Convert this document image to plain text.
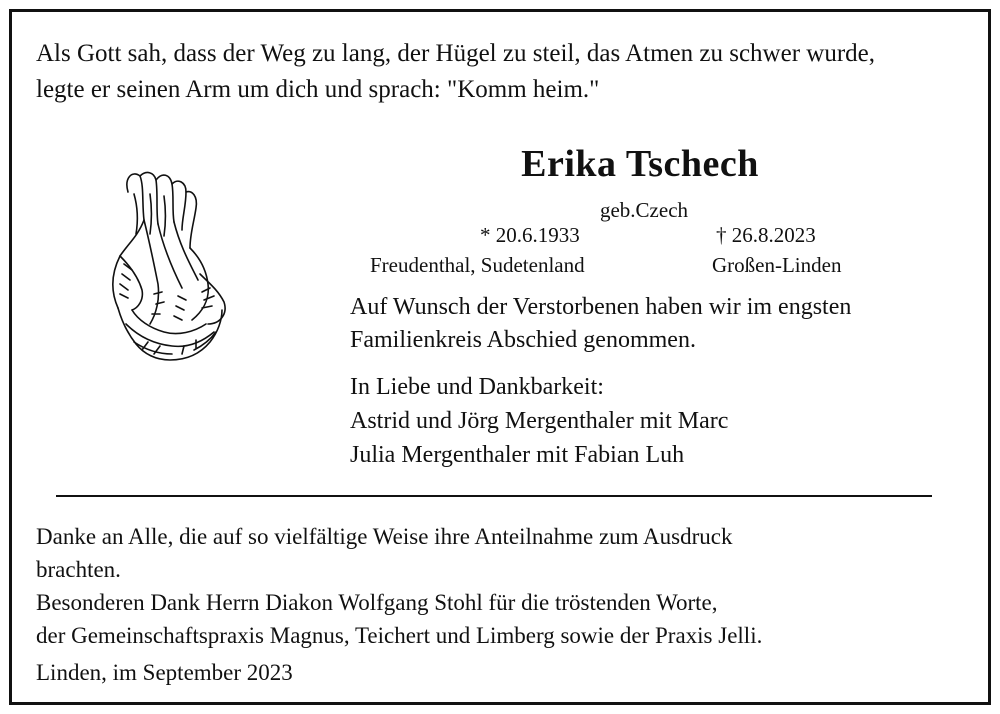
Als Gott sah, dass der Weg zu lang, der Hügel zu steil, das Atmen zu schwer wurde,
legte er seinen Arm um dich und sprach: "Komm heim."
Erika Tschech
geb.Czech
* 20.6.1933	† 26.8.2023
Freudenthal, Sudetenland	Großen-Linden
Auf Wunsch der Verstorbenen haben wir im engsten
Familienkreis Abschied genommen.
In Liebe und Dankbarkeit:
Astrid und Jörg Mergenthaler mit Marc
Julia Mergenthaler mit Fabian Luh
Danke an Alle, die auf so vielfältige Weise ihre Anteilnahme zum Ausdruck
brachten.
Besonderen Dank Herrn Diakon Wolfgang Stohl für die tröstenden Worte,
der Gemeinschaftspraxis Magnus, Teichert und Limberg sowie der Praxis Jelli.
Linden, im September 2023
